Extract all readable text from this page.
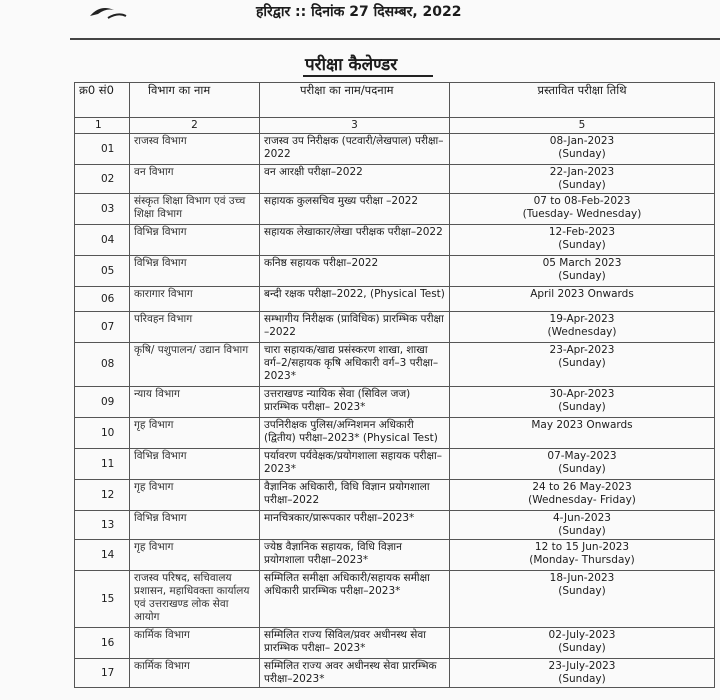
हरिद्वार :: दिनांक 27 दिसम्बर, 2022
परीक्षा कैलेण्डर
क्र0 सं0	विभाग का नाम	परीक्षा का नाम/पदनाम	प्रस्तावित परीक्षा तिथि
1	2	3	5
01	राजस्व विभाग	राजस्व उप निरीक्षक (पटवारी/लेखपाल) परीक्षा–2022	08-Jan-2023
(Sunday)

02	वन विभाग	वन आरक्षी परीक्षा–2022	22-Jan-2023
(Sunday)

03	संस्कृत शिक्षा विभाग एवं उच्च शिक्षा विभाग	सहायक कुलसचिव मुख्य परीक्षा –2022	07 to 08-Feb-2023
(Tuesday- Wednesday)

04	विभिन्न विभाग	सहायक लेखाकार/लेखा परीक्षक परीक्षा–2022	12-Feb-2023
(Sunday)

05	विभिन्न विभाग	कनिष्ठ सहायक परीक्षा–2022	05 March 2023
(Sunday)

06	कारागार विभाग	बन्दी रक्षक परीक्षा–2022, (Physical Test)	April 2023 Onwards

07	परिवहन विभाग	सम्भागीय निरीक्षक (प्राविधिक) प्रारम्भिक परीक्षा –2022	19-Apr-2023
(Wednesday)

08	कृषि/ पशुपालन/ उद्यान विभाग	चारा सहायक/खाद्य प्रसंस्करण शाखा, शाखा वर्ग–2/सहायक कृषि अधिकारी वर्ग–3 परीक्षा–2023*	23-Apr-2023
(Sunday)

09	न्याय विभाग	उत्तराखण्ड न्यायिक सेवा (सिविल जज) प्रारम्भिक परीक्षा– 2023*	30-Apr-2023
(Sunday)

10	गृह विभाग	उपनिरीक्षक पुलिस/अग्निशमन अधिकारी (द्वितीय) परीक्षा–2023* (Physical Test)	May 2023 Onwards

11	विभिन्न विभाग	पर्यावरण पर्यवेक्षक/प्रयोगशाला सहायक परीक्षा–2023*	07-May-2023
(Sunday)

12	गृह विभाग	वैज्ञानिक अधिकारी, विधि विज्ञान प्रयोगशाला परीक्षा–2022	24 to 26 May-2023
(Wednesday- Friday)

13	विभिन्न विभाग	मानचित्रकार/प्रारूपकार परीक्षा–2023*	4-Jun-2023
(Sunday)

14	गृह विभाग	ज्येष्ठ वैज्ञानिक सहायक, विधि विज्ञान प्रयोगशाला परीक्षा–2023*	12 to 15 Jun-2023
(Monday- Thursday)

15	राजस्व परिषद, सचिवालय प्रशासन, महाधिवक्ता कार्यालय एवं उत्तराखण्ड लोक सेवा आयोग	सम्मिलित समीक्षा अधिकारी/सहायक समीक्षा अधिकारी प्रारम्भिक परीक्षा–2023*	18-Jun-2023
(Sunday)

16	कार्मिक विभाग	सम्मिलित राज्य सिविल/प्रवर अधीनस्थ सेवा प्रारम्भिक परीक्षा– 2023*	02-July-2023
(Sunday)

17	कार्मिक विभाग	सम्मिलित राज्य अवर अधीनस्थ सेवा प्रारम्भिक परीक्षा–2023*	23-July-2023
(Sunday)
